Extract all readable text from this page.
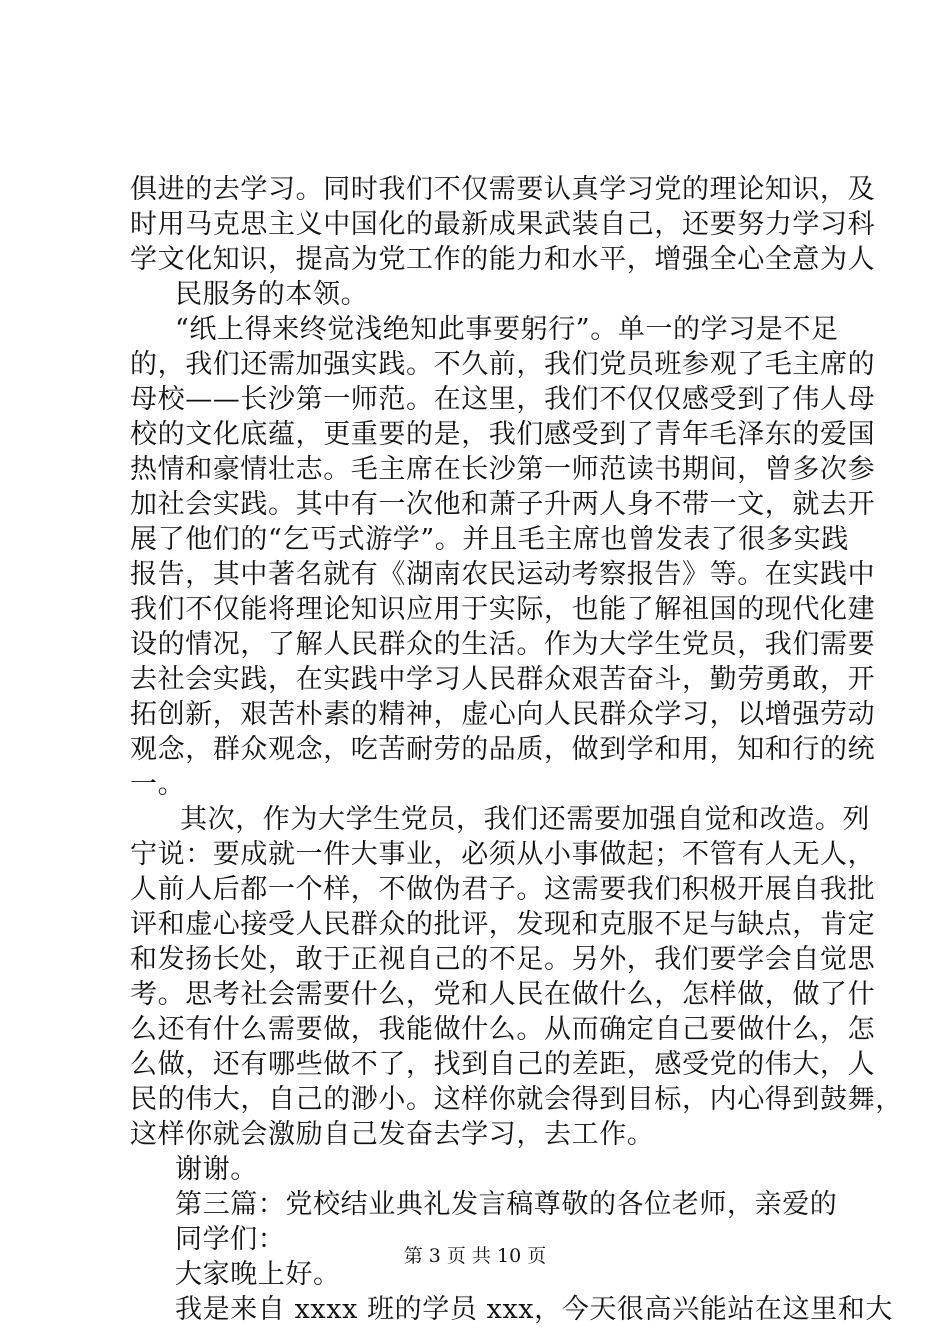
俱进的去学习。同时我们不仅需要认真学习党的理论知识，及
时用马克思主义中国化的最新成果武装自己，还要努力学习科
学文化知识，提高为党工作的能力和水平，增强全心全意为人
民服务的本领。
“纸上得来终觉浅绝知此事要躬行”。单一的学习是不足
的，我们还需加强实践。不久前，我们党员班参观了毛主席的
母校——长沙第一师范。在这里，我们不仅仅感受到了伟人母
校的文化底蕴，更重要的是，我们感受到了青年毛泽东的爱国
热情和豪情壮志。毛主席在长沙第一师范读书期间，曾多次参
加社会实践。其中有一次他和萧子升两人身不带一文，就去开
展了他们的“乞丐式游学”。并且毛主席也曾发表了很多实践
报告，其中著名就有《湖南农民运动考察报告》等。在实践中
我们不仅能将理论知识应用于实际，也能了解祖国的现代化建
设的情况，了解人民群众的生活。作为大学生党员，我们需要
去社会实践，在实践中学习人民群众艰苦奋斗，勤劳勇敢，开
拓创新，艰苦朴素的精神，虚心向人民群众学习，以增强劳动
观念，群众观念，吃苦耐劳的品质，做到学和用，知和行的统
一。
其次，作为大学生党员，我们还需要加强自觉和改造。列
宁说：要成就一件大事业，必须从小事做起；不管有人无人，
人前人后都一个样，不做伪君子。这需要我们积极开展自我批
评和虚心接受人民群众的批评，发现和克服不足与缺点，肯定
和发扬长处，敢于正视自己的不足。另外，我们要学会自觉思
考。思考社会需要什么，党和人民在做什么，怎样做，做了什
么还有什么需要做，我能做什么。从而确定自己要做什么，怎
么做，还有哪些做不了，找到自己的差距，感受党的伟大，人
民的伟大，自己的渺小。这样你就会得到目标，内心得到鼓舞，
这样你就会激励自己发奋去学习，去工作。
谢谢。
第三篇：党校结业典礼发言稿尊敬的各位老师，亲爱的
同学们：
大家晚上好。
我是来自 xxxx 班的学员 xxx，今天很高兴能站在这里和大
第 3 页 共 10 页
